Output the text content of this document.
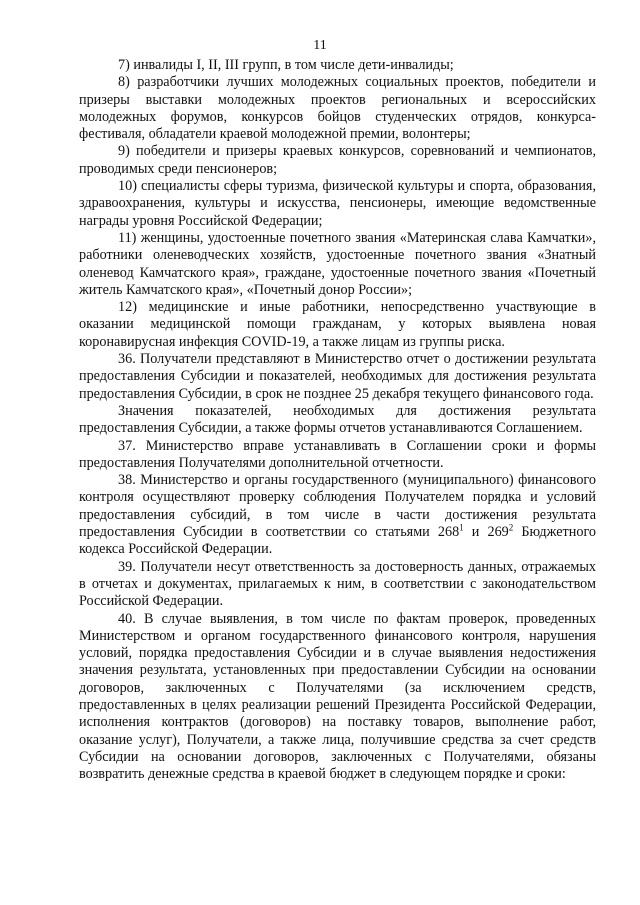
11

7) инвалиды I, II, III групп, в том числе дети-инвалиды;

8) разработчики лучших молодежных социальных проектов, победители и призеры выставки молодежных проектов региональных и всероссийских молодежных форумов, конкурсов бойцов студенческих отрядов, конкурса-фестиваля, обладатели краевой молодежной премии, волонтеры;

9) победители и призеры краевых конкурсов, соревнований и чемпионатов, проводимых среди пенсионеров;

10) специалисты сферы туризма, физической культуры и спорта, образования, здравоохранения, культуры и искусства, пенсионеры, имеющие ведомственные награды уровня Российской Федерации;

11) женщины, удостоенные почетного звания «Материнская слава Камчатки», работники оленеводческих хозяйств, удостоенные почетного звания «Знатный оленевод Камчатского края», граждане, удостоенные почетного звания «Почетный житель Камчатского края», «Почетный донор России»;

12) медицинские и иные работники, непосредственно участвующие в оказании медицинской помощи гражданам, у которых выявлена новая коронавирусная инфекция COVID-19, а также лицам из группы риска.

36. Получатели представляют в Министерство отчет о достижении результата предоставления Субсидии и показателей, необходимых для достижения результата предоставления Субсидии, в срок не позднее 25 декабря текущего финансового года.

Значения показателей, необходимых для достижения результата предоставления Субсидии, а также формы отчетов устанавливаются Соглашением.

37. Министерство вправе устанавливать в Соглашении сроки и формы предоставления Получателями дополнительной отчетности.

38. Министерство и органы государственного (муниципального) финансового контроля осуществляют проверку соблюдения Получателем порядка и условий предоставления субсидий, в том числе в части достижения результата предоставления Субсидии в соответствии со статьями $268^1$ и $269^2$ Бюджетного кодекса Российской Федерации.

39. Получатели несут ответственность за достоверность данных, отражаемых в отчетах и документах, прилагаемых к ним, в соответствии с законодательством Российской Федерации.

40. В случае выявления, в том числе по фактам проверок, проведенных Министерством и органом государственного финансового контроля, нарушения условий, порядка предоставления Субсидии и в случае выявления недостижения значения результата, установленных при предоставлении Субсидии на основании договоров, заключенных с Получателями (за исключением средств, предоставленных в целях реализации решений Президента Российской Федерации, исполнения контрактов (договоров) на поставку товаров, выполнение работ, оказание услуг), Получатели, а также лица, получившие средства за счет средств Субсидии на основании договоров, заключенных с Получателями, обязаны возвратить денежные средства в краевой бюджет в следующем порядке и сроки:
